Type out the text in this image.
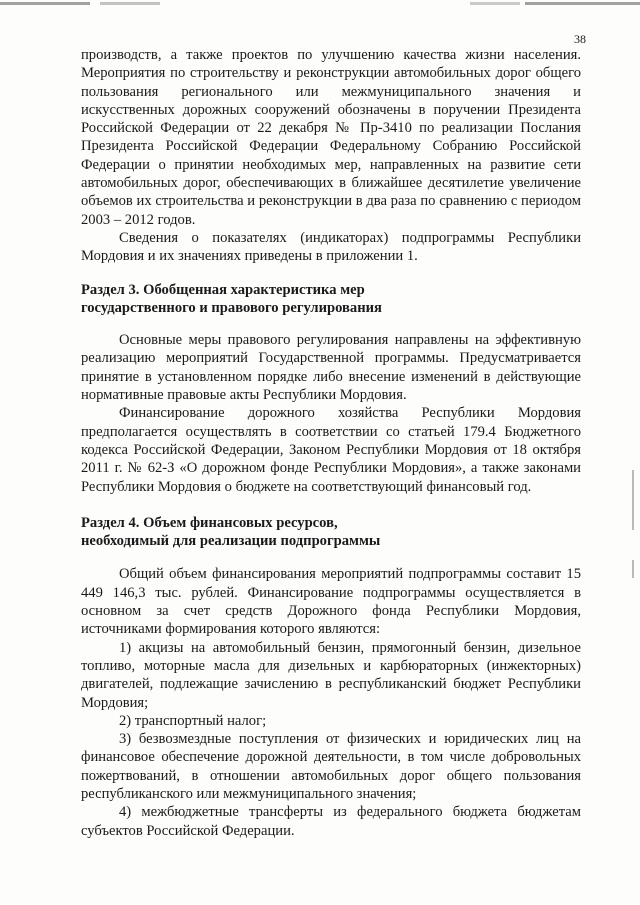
38

производств, а также проектов по улучшению качества жизни населения. Мероприятия по строительству и реконструкции автомобильных дорог общего пользования регионального или межмуниципального значения и искусственных дорожных сооружений обозначены в поручении Президента Российской Федерации от 22 декабря № Пр-3410 по реализации Послания Президента Российской Федерации Федеральному Собранию Российской Федерации о принятии необходимых мер, направленных на развитие сети автомобильных дорог, обеспечивающих в ближайшее десятилетие увеличение объемов их строительства и реконструкции в два раза по сравнению с периодом 2003 – 2012 годов.

Сведения о показателях (индикаторах) подпрограммы Республики Мордовия и их значениях приведены в приложении 1.

Раздел 3. Обобщенная характеристика мер

государственного и правового регулирования

Основные меры правового регулирования направлены на эффективную реализацию мероприятий Государственной программы. Предусматривается принятие в установленном порядке либо внесение изменений в действующие нормативные правовые акты Республики Мордовия.

Финансирование дорожного хозяйства Республики Мордовия предполагается осуществлять в соответствии со статьей 179.4 Бюджетного кодекса Российской Федерации, Законом Республики Мордовия от 18 октября 2011 г. № 62-З «О дорожном фонде Республики Мордовия», а также законами Республики Мордовия о бюджете на соответствующий финансовый год.

Раздел 4. Объем финансовых ресурсов,

необходимый для реализации подпрограммы

Общий объем финансирования мероприятий подпрограммы составит 15 449 146,3 тыс. рублей. Финансирование подпрограммы осуществляется в основном за счет средств Дорожного фонда Республики Мордовия, источниками формирования которого являются:

1) акцизы на автомобильный бензин, прямогонный бензин, дизельное топливо, моторные масла для дизельных и карбюраторных (инжекторных) двигателей, подлежащие зачислению в республиканский бюджет Республики Мордовия;

2) транспортный налог;

3) безвозмездные поступления от физических и юридических лиц на финансовое обеспечение дорожной деятельности, в том числе добровольных пожертвований, в отношении автомобильных дорог общего пользования республиканского или межмуниципального значения;

4) межбюджетные трансферты из федерального бюджета бюджетам субъектов Российской Федерации.
